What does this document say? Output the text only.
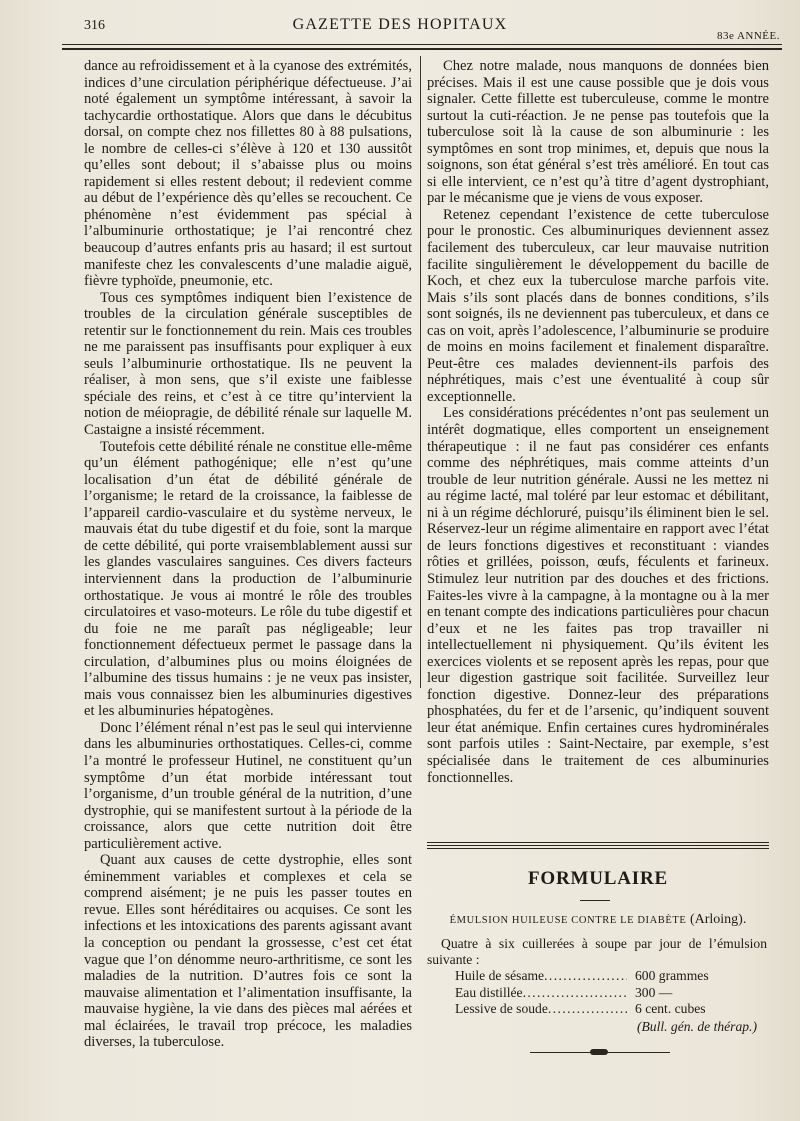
316	GAZETTE DES HOPITAUX
83e ANNÉE.

dance au refroidissement et à la cyanose des extrémités, indices d’une circulation périphérique défectueuse. J’ai noté également un symptôme intéressant, à savoir la tachycardie orthostatique. Alors que dans le décubitus dorsal, on compte chez nos fillettes 80 à 88 pulsations, le nombre de celles-ci s’élève à 120 et 130 aussitôt qu’elles sont debout; il s’abaisse plus ou moins rapidement si elles restent debout; il redevient comme au début de l’expérience dès qu’elles se recouchent. Ce phénomène n’est évidemment pas spécial à l’albuminurie orthostatique; je l’ai rencontré chez beaucoup d’autres enfants pris au hasard; il est surtout manifeste chez les convalescents d’une maladie aiguë, fièvre typhoïde, pneumonie, etc.

Tous ces symptômes indiquent bien l’existence de troubles de la circulation générale susceptibles de retentir sur le fonctionnement du rein. Mais ces troubles ne me paraissent pas insuffisants pour expliquer à eux seuls l’albuminurie orthostatique. Ils ne peuvent la réaliser, à mon sens, que s’il existe une faiblesse spéciale des reins, et c’est à ce titre qu’intervient la notion de méiopragie, de débilité rénale sur laquelle M. Castaigne a insisté récemment.

Toutefois cette débilité rénale ne constitue elle-même qu’un élément pathogénique; elle n’est qu’une localisation d’un état de débilité générale de l’organisme; le retard de la croissance, la faiblesse de l’appareil cardio-vasculaire et du système nerveux, le mauvais état du tube digestif et du foie, sont la marque de cette débilité, qui porte vraisemblablement aussi sur les glandes vasculaires sanguines. Ces divers facteurs interviennent dans la production de l’albuminurie orthostatique. Je vous ai montré le rôle des troubles circulatoires et vaso-moteurs. Le rôle du tube digestif et du foie ne me paraît pas négligeable; leur fonctionnement défectueux permet le passage dans la circulation, d’albumines plus ou moins éloignées de l’albumine des tissus humains : je ne veux pas insister, mais vous connaissez bien les albuminuries digestives et les albuminuries hépatogènes.

Donc l’élément rénal n’est pas le seul qui intervienne dans les albuminuries orthostatiques. Celles-ci, comme l’a montré le professeur Hutinel, ne constituent qu’un symptôme d’un état morbide intéressant tout l’organisme, d’un trouble général de la nutrition, d’une dystrophie, qui se manifestent surtout à la période de la croissance, alors que cette nutrition doit être particulièrement active.

Quant aux causes de cette dystrophie, elles sont éminemment variables et complexes et cela se comprend aisément; je ne puis les passer toutes en revue. Elles sont héréditaires ou acquises. Ce sont les infections et les intoxications des parents agissant avant la conception ou pendant la grossesse, c’est cet état vague que l’on dénomme neuro-arthritisme, ce sont les maladies de la nutrition. D’autres fois ce sont la mauvaise alimentation et l’alimentation insuffisante, la mauvaise hygiène, la vie dans des pièces mal aérées et mal éclairées, le travail trop précoce, les maladies diverses, la tuberculose.

Chez notre malade, nous manquons de données bien précises. Mais il est une cause possible que je dois vous signaler. Cette fillette est tuberculeuse, comme le montre surtout la cuti-réaction. Je ne pense pas toutefois que la tuberculose soit là la cause de son albuminurie : les symptômes en sont trop minimes, et, depuis que nous la soignons, son état général s’est très amélioré. En tout cas si elle intervient, ce n’est qu’à titre d’agent dystrophiant, par le mécanisme que je viens de vous exposer.

Retenez cependant l’existence de cette tuberculose pour le pronostic. Ces albuminuriques deviennent assez facilement des tuberculeux, car leur mauvaise nutrition facilite singulièrement le développement du bacille de Koch, et chez eux la tuberculose marche parfois vite. Mais s’ils sont placés dans de bonnes conditions, s’ils sont soignés, ils ne deviennent pas tuberculeux, et dans ce cas on voit, après l’adolescence, l’albuminurie se produire de moins en moins facilement et finalement disparaître. Peut-être ces malades deviennent-ils parfois des néphrétiques, mais c’est une éventualité à coup sûr exceptionnelle.

Les considérations précédentes n’ont pas seulement un intérêt dogmatique, elles comportent un enseignement thérapeutique : il ne faut pas considérer ces enfants comme des néphrétiques, mais comme atteints d’un trouble de leur nutrition générale. Aussi ne les mettez ni au régime lacté, mal toléré par leur estomac et débilitant, ni à un régime déchloruré, puisqu’ils éliminent bien le sel. Réservez-leur un régime alimentaire en rapport avec l’état de leurs fonctions digestives et reconstituant : viandes rôties et grillées, poisson, œufs, féculents et farineux. Stimulez leur nutrition par des douches et des frictions. Faites-les vivre à la campagne, à la montagne ou à la mer en tenant compte des indications particulières pour chacun d’eux et ne les faites pas trop travailler ni intellectuellement ni physiquement. Qu’ils évitent les exercices violents et se reposent après les repas, pour que leur digestion gastrique soit facilitée. Surveillez leur fonction digestive. Donnez-leur des préparations phosphatées, du fer et de l’arsenic, qu’indiquent souvent leur état anémique. Enfin certaines cures hydrominérales sont parfois utiles : Saint-Nectaire, par exemple, s’est spécialisée dans le traitement de ces albuminuries fonctionnelles.

FORMULAIRE
ÉMULSION HUILEUSE CONTRE LE DIABÈTE (Arloing).

Quatre à six cuillerées à soupe par jour de l’émulsion suivante :

Huile de sésame . . .	600 grammes
Eau distillée . . .	300 —
Lessive de soude . . .	6 cent. cubes
(Bull. gén. de thérap.)
